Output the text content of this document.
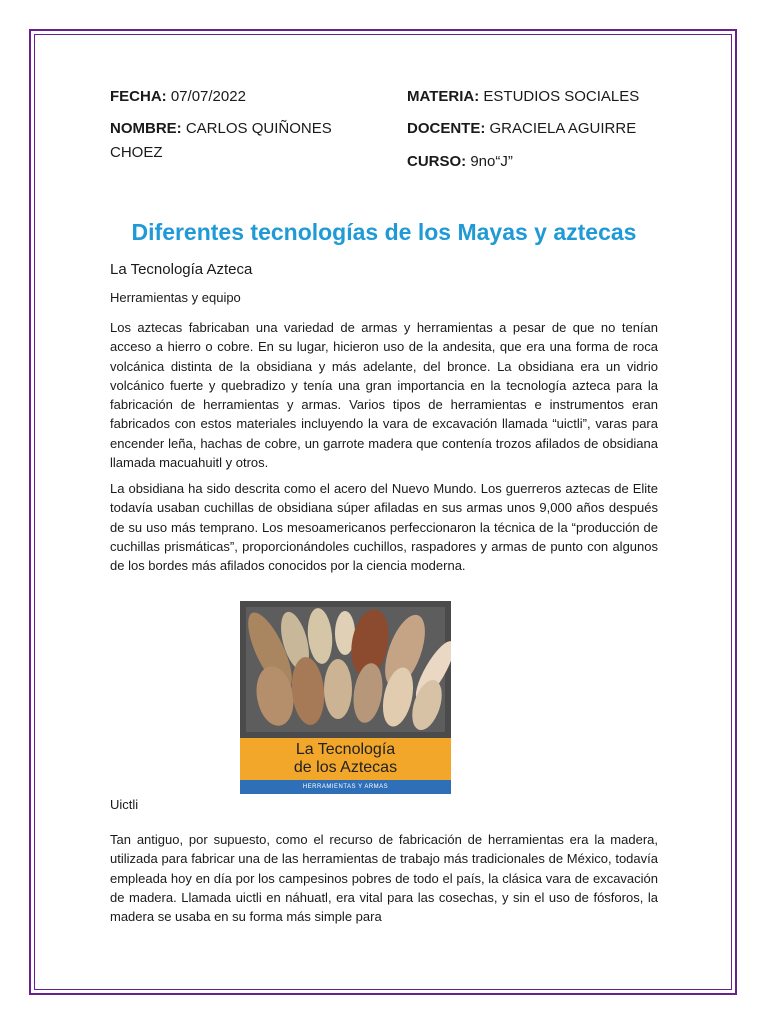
FECHA: 07/07/2022
NOMBRE: CARLOS QUIÑONES CHOEZ
MATERIA: ESTUDIOS SOCIALES
DOCENTE: GRACIELA AGUIRRE
CURSO: 9no“J”
Diferentes tecnologías de los Mayas y aztecas
La Tecnología Azteca
Herramientas y equipo
Los aztecas fabricaban una variedad de armas y herramientas a pesar de que no tenían acceso a hierro o cobre. En su lugar, hicieron uso de la andesita, que era una forma de roca volcánica distinta de la obsidiana y más adelante, del bronce. La obsidiana era un vidrio volcánico fuerte y quebradizo y tenía una gran importancia en la tecnología azteca para la fabricación de herramientas y armas. Varios tipos de herramientas e instrumentos eran fabricados con estos materiales incluyendo la vara de excavación llamada “uictli”, varas para encender leña, hachas de cobre, un garrote madera que contenía trozos afilados de obsidiana llamada macuahuitl y otros.
La obsidiana ha sido descrita como el acero del Nuevo Mundo. Los guerreros aztecas de Elite todavía usaban cuchillas de obsidiana súper afiladas en sus armas unos 9,000 años después de su uso más temprano. Los mesoamericanos perfeccionaron la técnica de la “producción de cuchillas prismáticas”, proporcionándoles cuchillos, raspadores y armas de punto con algunos de los bordes más afilados conocidos por la ciencia moderna.
La Tecnología
de los Aztecas
HERRAMIENTAS Y ARMAS
Uictli
Tan antiguo, por supuesto, como el recurso de fabricación de herramientas era la madera, utilizada para fabricar una de las herramientas de trabajo más tradicionales de México, todavía empleada hoy en día por los campesinos pobres de todo el país, la clásica vara de excavación de madera. Llamada uictli en náhuatl, era vital para las cosechas, y sin el uso de fósforos, la madera se usaba en su forma más simple para
